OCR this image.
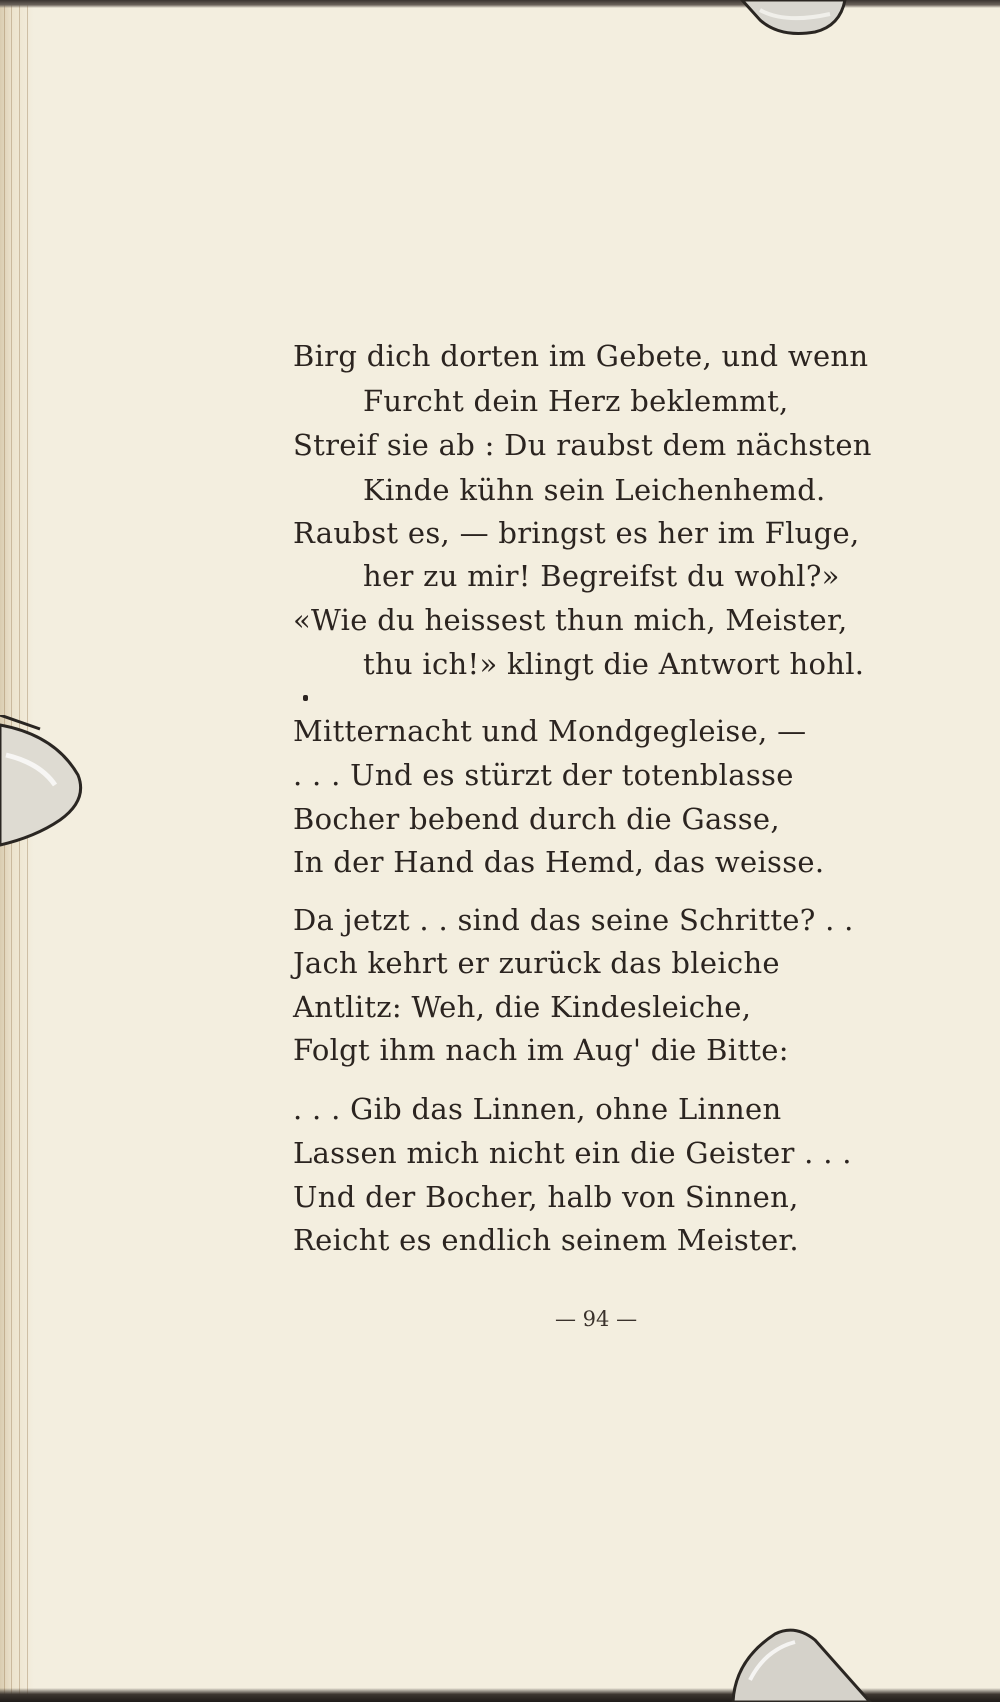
Birg dich dorten im Gebete, und wenn
Furcht dein Herz beklemmt,
Streif sie ab : Du raubst dem nächsten
Kinde kühn sein Leichenhemd.
Raubst es, — bringst es her im Fluge,
her zu mir! Begreifst du wohl?»
«Wie du heissest thun mich, Meister,
thu ich!» klingt die Antwort hohl.
Mitternacht und Mondgegleise, —
. . . Und es stürzt der totenblasse
Bocher bebend durch die Gasse,
In der Hand das Hemd, das weisse.
Da jetzt . . sind das seine Schritte? . .
Jach kehrt er zurück das bleiche
Antlitz: Weh, die Kindesleiche,
Folgt ihm nach im Aug' die Bitte:
. . . Gib das Linnen, ohne Linnen
Lassen mich nicht ein die Geister . . .
Und der Bocher, halb von Sinnen,
Reicht es endlich seinem Meister.
— 94 —
